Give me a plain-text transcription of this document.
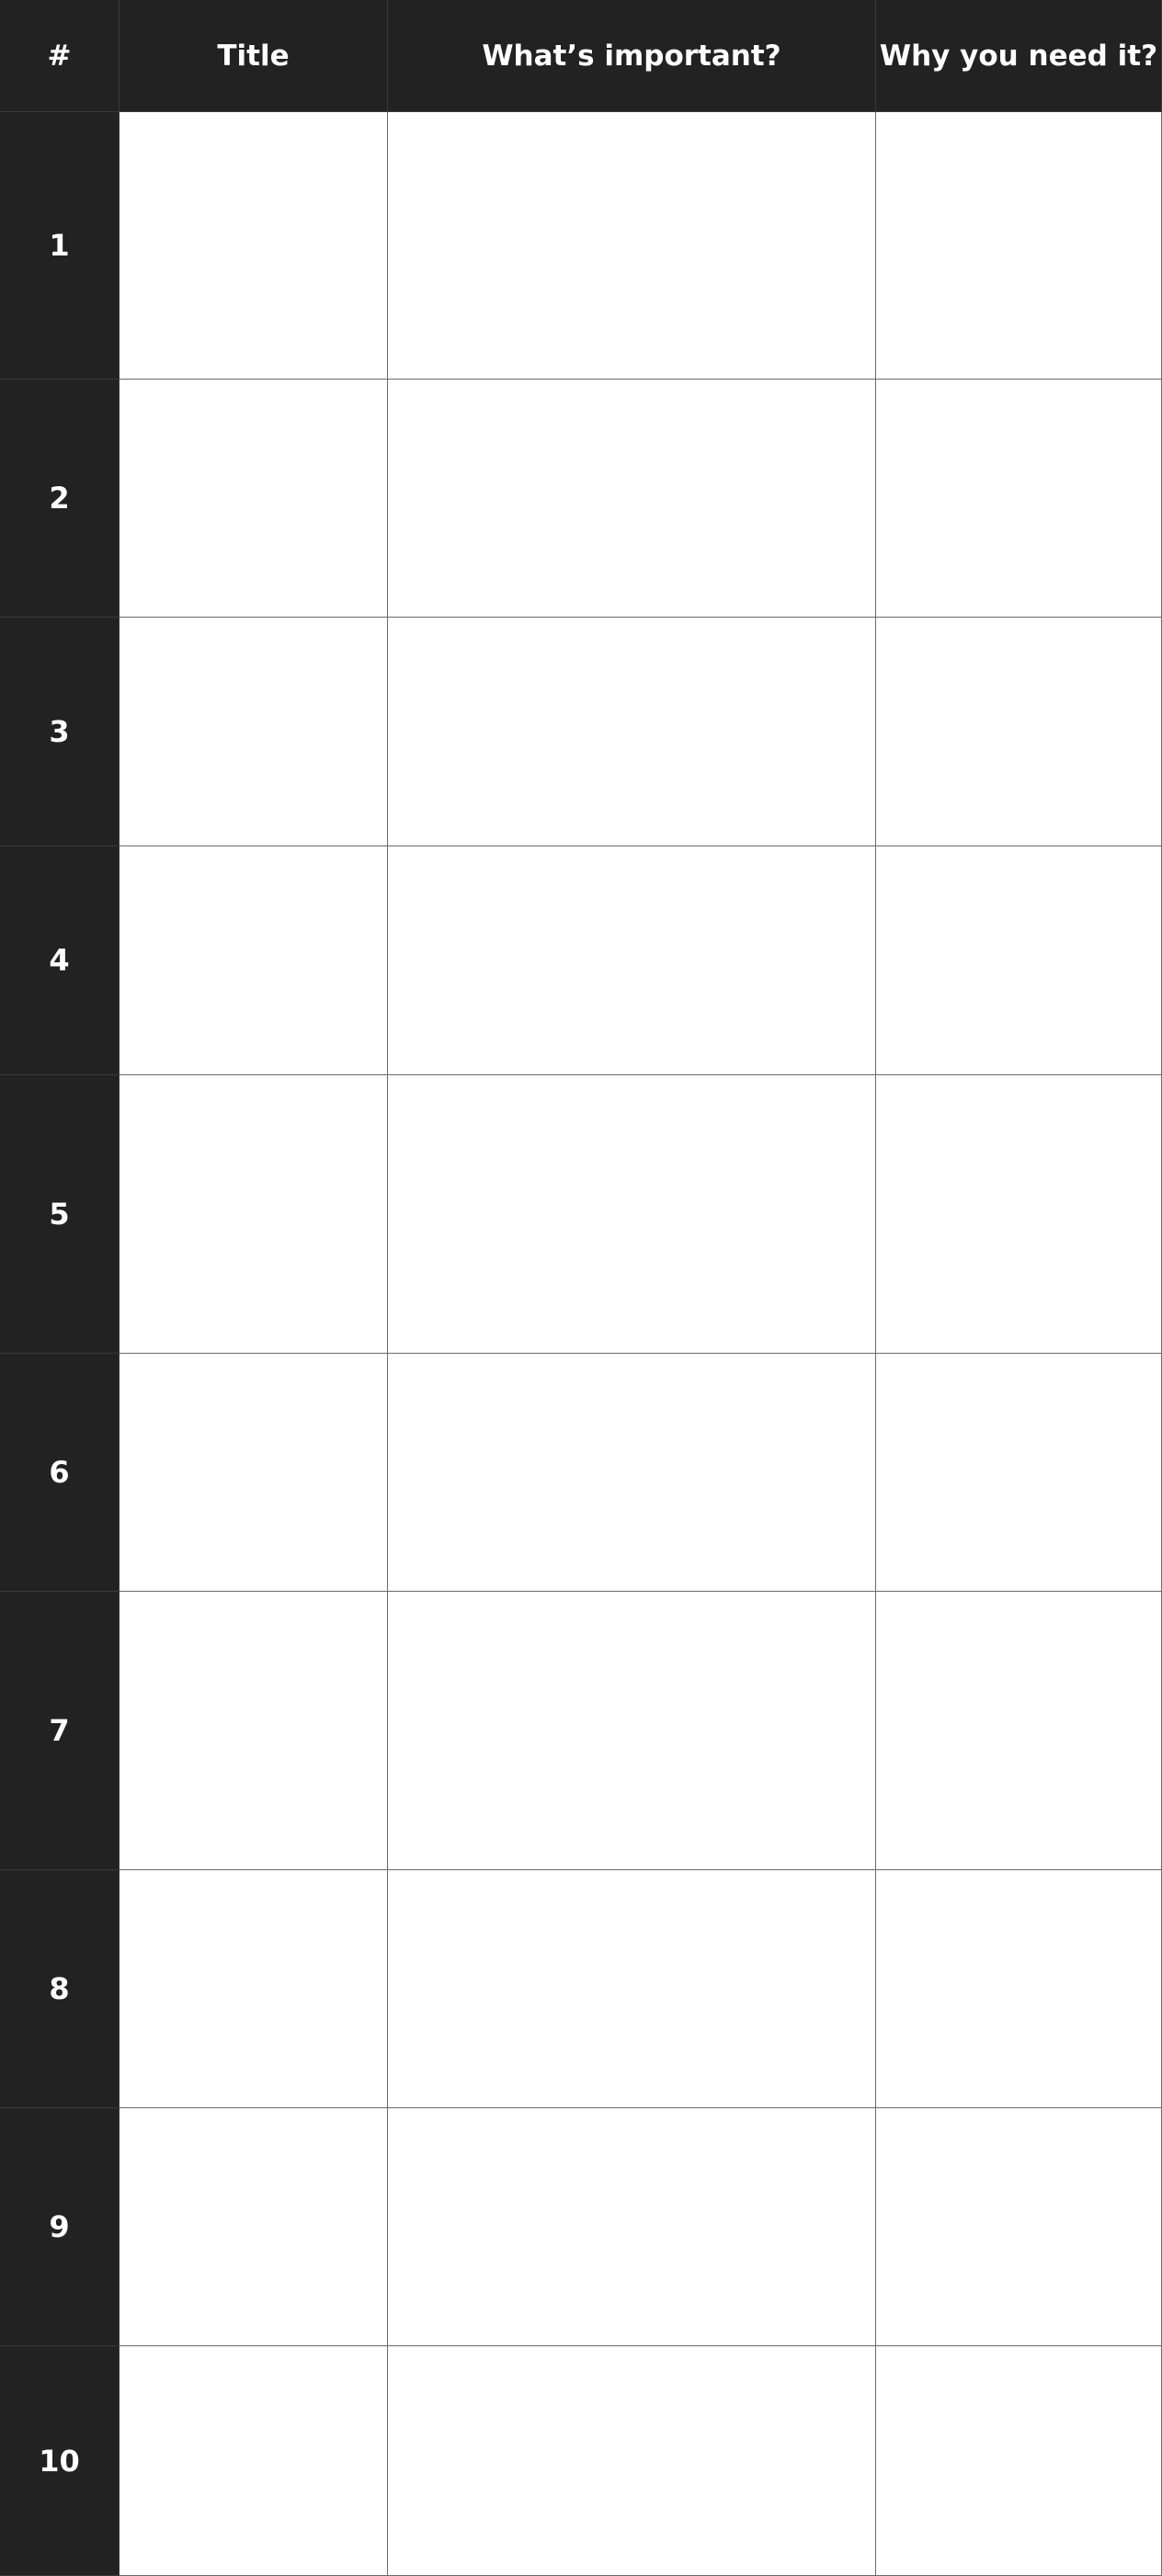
#	Title	What’s important?	Why you need it?
1
2
3
4
5
6
7
8
9
10
